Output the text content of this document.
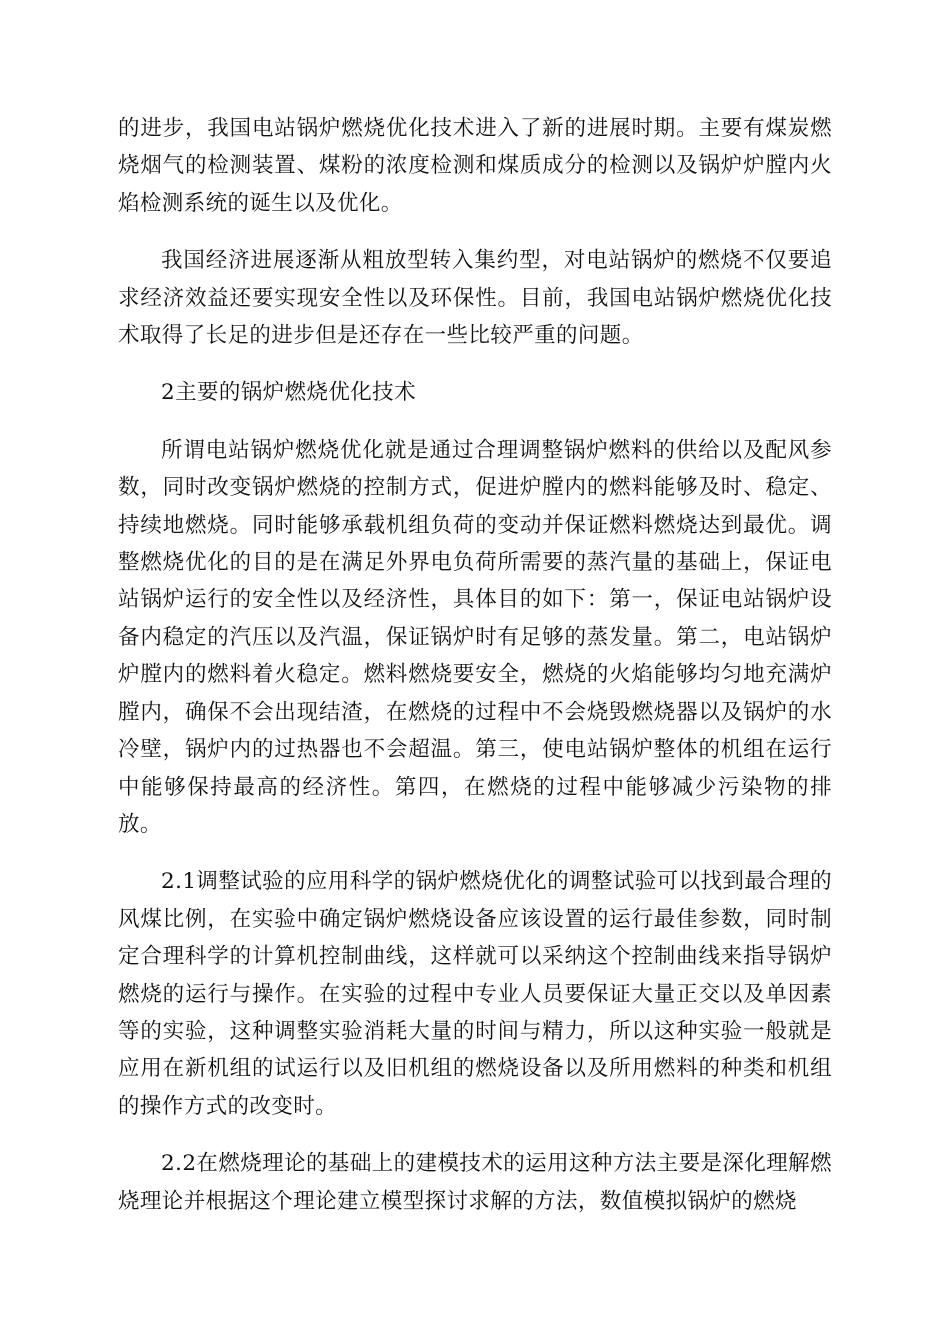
的进步，我国电站锅炉燃烧优化技术进入了新的进展时期。主要有煤炭燃烧烟气的检测装置、煤粉的浓度检测和煤质成分的检测以及锅炉炉膛内火焰检测系统的诞生以及优化。

我国经济进展逐渐从粗放型转入集约型，对电站锅炉的燃烧不仅要追求经济效益还要实现安全性以及环保性。目前，我国电站锅炉燃烧优化技术取得了长足的进步但是还存在一些比较严重的问题。

2主要的锅炉燃烧优化技术

所谓电站锅炉燃烧优化就是通过合理调整锅炉燃料的供给以及配风参数，同时改变锅炉燃烧的控制方式，促进炉膛内的燃料能够及时、稳定、持续地燃烧。同时能够承载机组负荷的变动并保证燃料燃烧达到最优。调整燃烧优化的目的是在满足外界电负荷所需要的蒸汽量的基础上，保证电站锅炉运行的安全性以及经济性，具体目的如下：第一，保证电站锅炉设备内稳定的汽压以及汽温，保证锅炉时有足够的蒸发量。第二，电站锅炉炉膛内的燃料着火稳定。燃料燃烧要安全，燃烧的火焰能够均匀地充满炉膛内，确保不会出现结渣，在燃烧的过程中不会烧毁燃烧器以及锅炉的水冷壁，锅炉内的过热器也不会超温。第三，使电站锅炉整体的机组在运行中能够保持最高的经济性。第四，在燃烧的过程中能够减少污染物的排放。

2.1调整试验的应用科学的锅炉燃烧优化的调整试验可以找到最合理的风煤比例，在实验中确定锅炉燃烧设备应该设置的运行最佳参数，同时制定合理科学的计算机控制曲线，这样就可以采纳这个控制曲线来指导锅炉燃烧的运行与操作。在实验的过程中专业人员要保证大量正交以及单因素等的实验，这种调整实验消耗大量的时间与精力，所以这种实验一般就是应用在新机组的试运行以及旧机组的燃烧设备以及所用燃料的种类和机组的操作方式的改变时。

2.2在燃烧理论的基础上的建模技术的运用这种方法主要是深化理解燃烧理论并根据这个理论建立模型探讨求解的方法，数值模拟锅炉的燃烧
